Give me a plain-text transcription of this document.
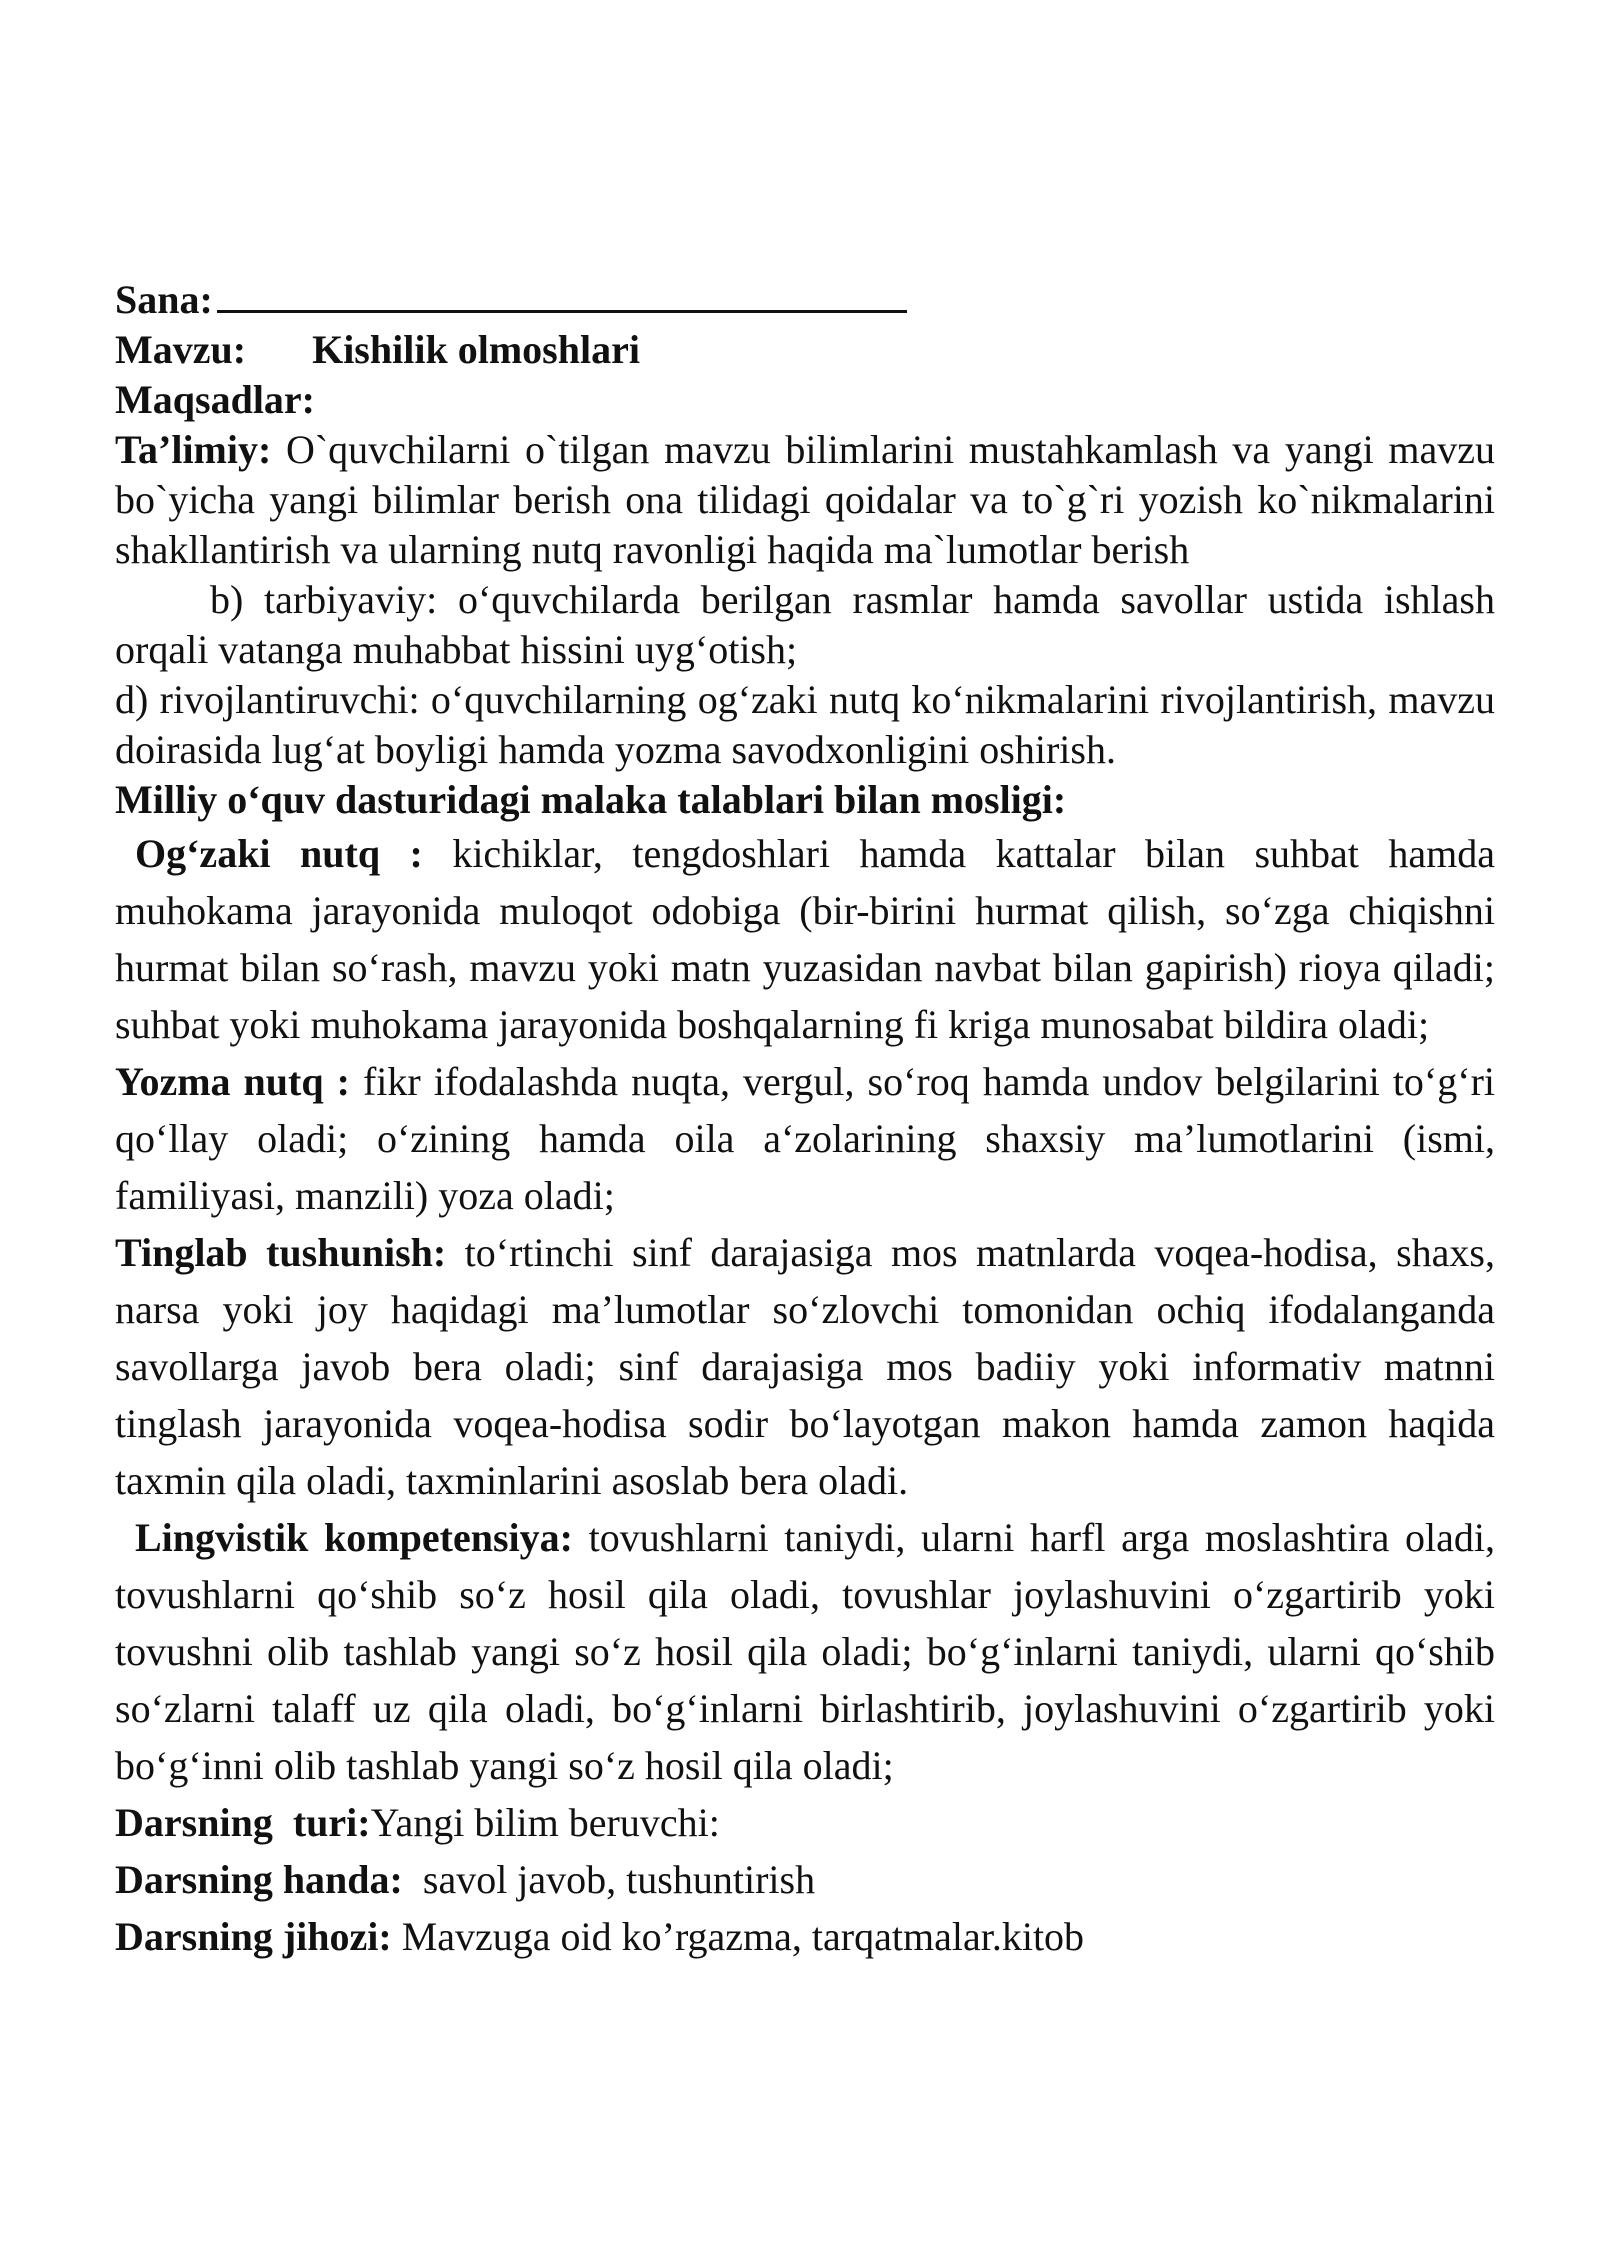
Sana:

Mavzu: Kishilik olmoshlari

Maqsadlar:

Ta’limiy: O`quvchilarni o`tilgan mavzu bilimlarini mustahkamlash va yangi mavzu bo`yicha yangi bilimlar berish ona tilidagi qoidalar va to`g`ri yozish ko`nikmalarini shakllantirish va ularning nutq ravonligi haqida ma`lumotlar berish

b) tarbiyaviy: o‘quvchilarda berilgan rasmlar hamda savollar ustida ishlash orqali vatanga muhabbat hissini uyg‘otish;

d) rivojlantiruvchi: o‘quvchilarning og‘zaki nutq ko‘nikmalarini rivojlantirish, mavzu doirasida lug‘at boyligi hamda yozma savodxonligini oshirish.

Milliy o‘quv dasturidagi malaka talablari bilan mosligi:

Og‘zaki nutq : kichiklar, tengdoshlari hamda kattalar bilan suhbat hamda muhokama jarayonida muloqot odobiga (bir-birini hurmat qilish, so‘zga chiqishni hurmat bilan so‘rash, mavzu yoki matn yuzasidan navbat bilan gapirish) rioya qiladi; suhbat yoki muhokama jarayonida boshqalarning fi kriga munosabat bildira oladi;

Yozma nutq : fikr ifodalashda nuqta, vergul, so‘roq hamda undov belgilarini to‘g‘ri qo‘llay oladi; o‘zining hamda oila a‘zolarining shaxsiy ma’lumotlarini (ismi, familiyasi, manzili) yoza oladi;

Tinglab tushunish: to‘rtinchi sinf darajasiga mos matnlarda voqea-hodisa, shaxs, narsa yoki joy haqidagi ma’lumotlar so‘zlovchi tomonidan ochiq ifodalanganda savollarga javob bera oladi; sinf darajasiga mos badiiy yoki informativ matnni tinglash jarayonida voqea-hodisa sodir bo‘layotgan makon hamda zamon haqida taxmin qila oladi, taxminlarini asoslab bera oladi.

Lingvistik kompetensiya: tovushlarni taniydi, ularni harfl arga moslashtira oladi, tovushlarni qo‘shib so‘z hosil qila oladi, tovushlar joylashuvini o‘zgartirib yoki tovushni olib tashlab yangi so‘z hosil qila oladi; bo‘g‘inlarni taniydi, ularni qo‘shib so‘zlarni talaff uz qila oladi, bo‘g‘inlarni birlashtirib, joylashuvini o‘zgartirib yoki bo‘g‘inni olib tashlab yangi so‘z hosil qila oladi;

Darsning  turi:Yangi bilim beruvchi:

Darsning handa:  savol javob, tushuntirish

Darsning jihozi: Mavzuga oid ko’rgazma, tarqatmalar.kitob
